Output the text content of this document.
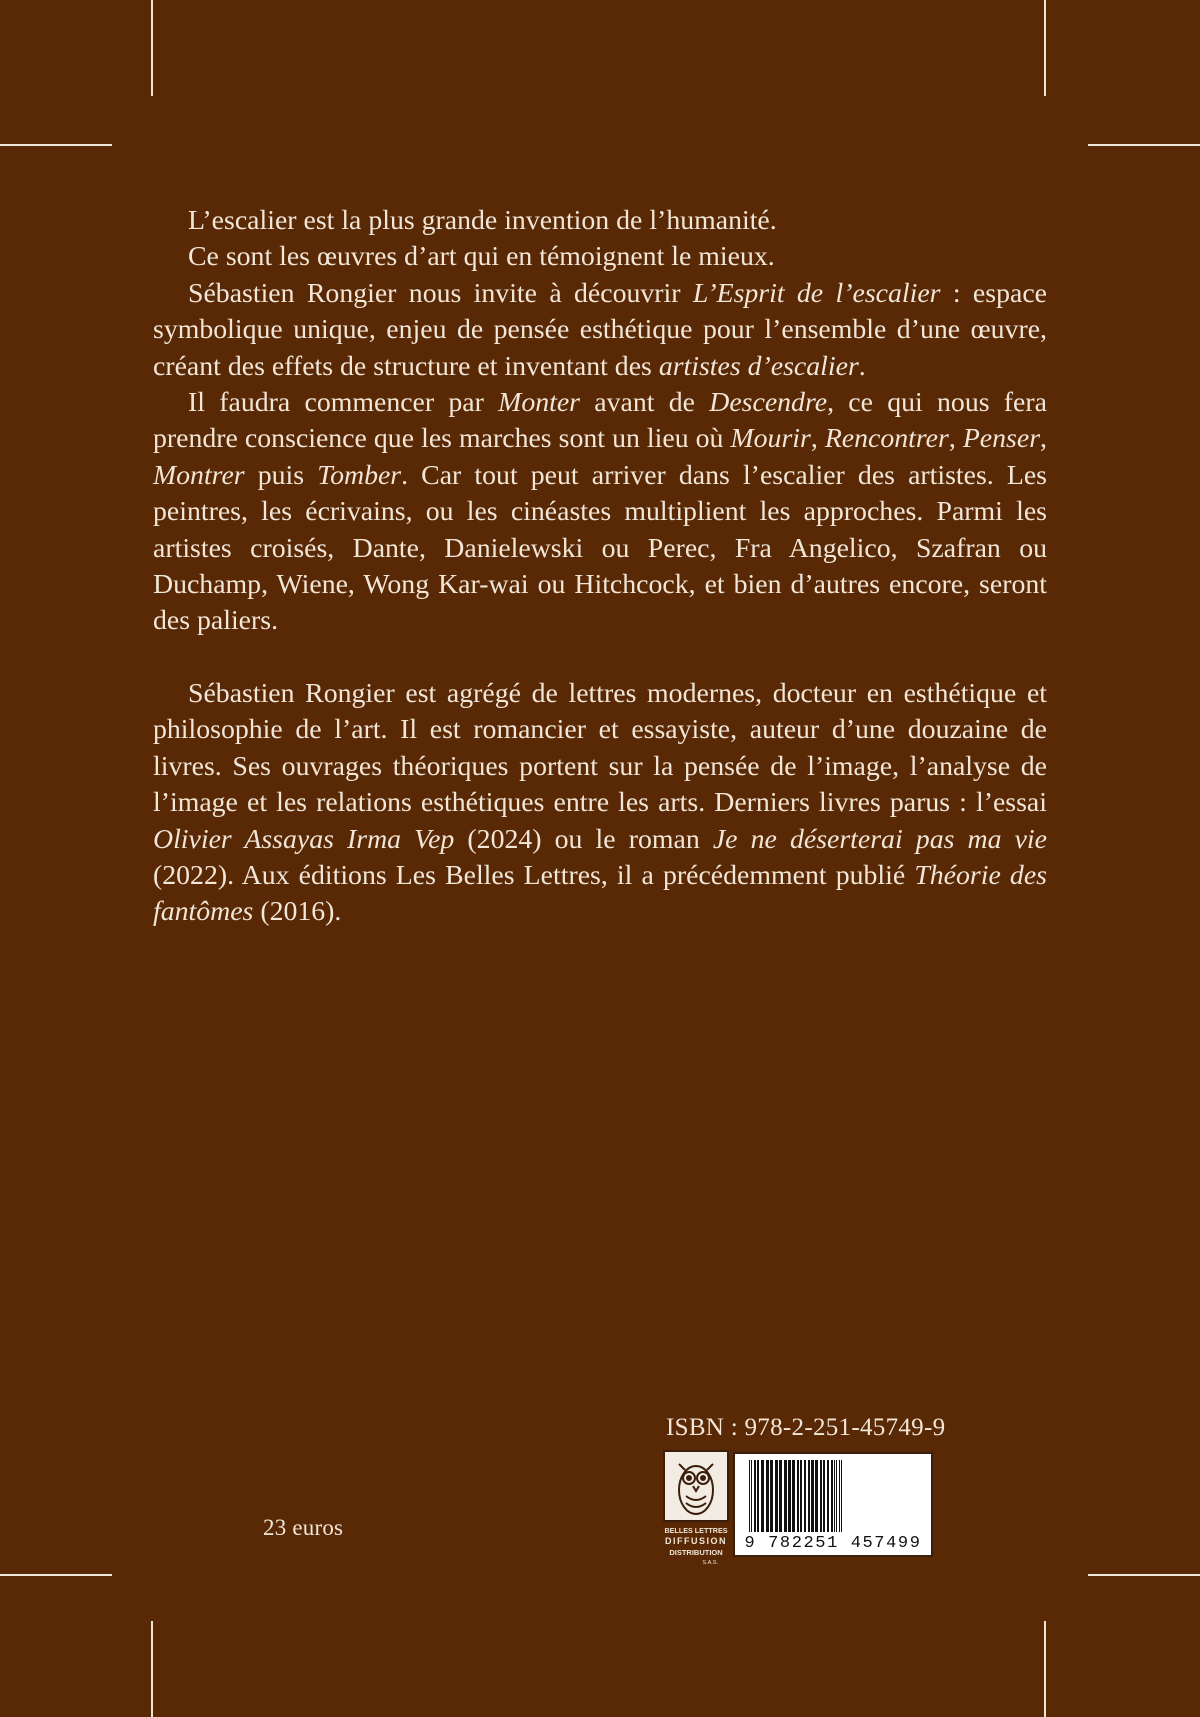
L’escalier est la plus grande invention de l’humanité.

Ce sont les œuvres d’art qui en témoignent le mieux.

Sébastien Rongier nous invite à découvrir L’Esprit de l’escalier : espace symbolique unique, enjeu de pensée esthétique pour l’ensemble d’une œuvre, créant des effets de structure et inventant des artistes d’escalier.

Il faudra commencer par Monter avant de Descendre, ce qui nous fera prendre conscience que les marches sont un lieu où Mourir, Rencontrer, Penser, Montrer puis Tomber. Car tout peut arriver dans l’escalier des artistes. Les peintres, les écrivains, ou les cinéastes multiplient les approches. Parmi les artistes croisés, Dante, Danielewski ou Perec, Fra Angelico, Szafran ou Duchamp, Wiene, Wong Kar-wai ou Hitchcock, et bien d’autres encore, seront des paliers.

Sébastien Rongier est agrégé de lettres modernes, docteur en esthétique et philosophie de l’art. Il est romancier et essayiste, auteur d’une douzaine de livres. Ses ouvrages théoriques portent sur la pensée de l’image, l’analyse de l’image et les relations esthétiques entre les arts. Derniers livres parus : l’essai Olivier Assayas Irma Vep (2024) ou le roman Je ne déserterai pas ma vie (2022). Aux éditions Les Belles Lettres, il a précédemment publié Théorie des fantômes (2016).

23 euros
ISBN : 978-2-251-45749-9
BELLES LETTRES
DIFFUSION
DISTRIBUTION
S.A.S.
9 782251 457499
